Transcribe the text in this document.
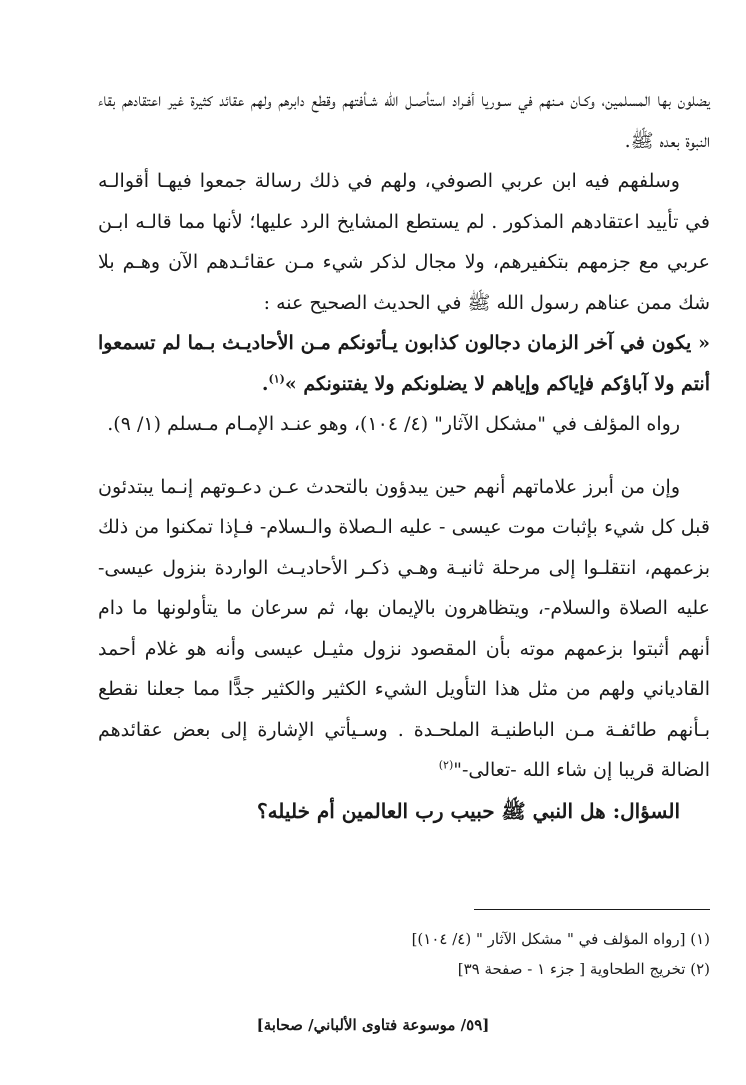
يضلون بها المسلمين، وكـان مـنهم في سـوريا أفـراد استأصـل الله شـأفتهم وقطع دابرهم ولهم عقائد كثيرة غير اعتقادهم بقاء النبوة بعده ﷺ.

وسلفهم فيه ابن عربي الصوفي، ولهم في ذلك رسالة جمعوا فيهـا أقوالـه في تأييد اعتقادهم المذكور . لم يستطع المشايخ الرد عليها؛ لأنها مما قالـه ابـن عربي مع جزمهم بتكفيرهم، ولا مجال لذكر شيء مـن عقائـدهم الآن وهـم بلا شك ممن عناهم رسول الله ﷺ في الحديث الصحيح عنه :

« يكون في آخر الزمان دجالون كذابون يـأتونكم مـن الأحاديـث بـما لم تسمعوا أنتم ولا آباؤكم فإياكم وإياهم لا يضلونكم ولا يفتنونكم »$^{(١)}$.

رواه المؤلف في "مشكل الآثار" (٤/ ١٠٤)، وهو عنـد الإمـام مـسلم (١/ ٩).

وإن من أبرز علاماتهم أنهم حين يبدؤون بالتحدث عـن دعـوتهم إنـما يبتدئون قبل كل شيء بإثبات موت عيسى - عليه الـصلاة والـسلام- فـإذا تمكنوا من ذلك بزعمهم، انتقلـوا إلى مرحلة ثانيـة وهـي ذكـر الأحاديـث الواردة بنزول عيسى- عليه الصلاة والسلام-، ويتظاهرون بالإيمان بها، ثم سرعان ما يتأولونها ما دام أنهم أثبتوا بزعمهم موته بأن المقصود نزول مثيـل عيسى وأنه هو غلام أحمد القادياني ولهم من مثل هذا التأويل الشيء الكثير والكثير جدًّا مما جعلنا نقطع بـأنهم طائفـة مـن الباطنيـة الملحـدة . وسـيأتي الإشارة إلى بعض عقائدهم الضالة قريبا إن شاء الله -تعالى-"$^{(٢)}$

السؤال: هل النبي ﷺ حبيب رب العالمين أم خليله؟

(١) [رواه المؤلف في " مشكل الآثار " (٤/ ١٠٤)]

(٢) تخريج الطحاوية [ جزء ١ - صفحة ٣٩]

[٥٩/ موسوعة فتاوى الألباني/ صحابة]
